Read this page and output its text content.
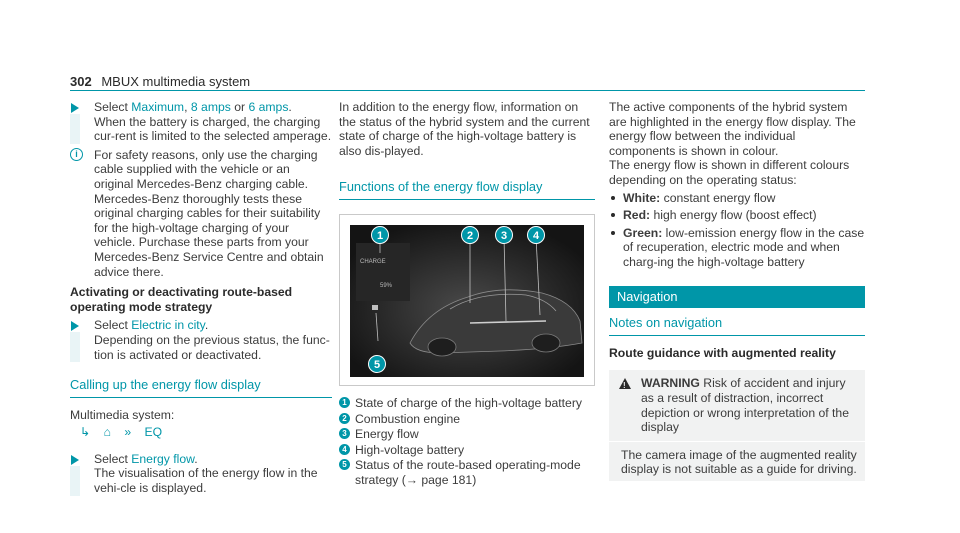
302 MBUX multimedia system
Select Maximum, 8 amps or 6 amps.
When the battery is charged, the charging cur-rent is limited to the selected amperage.
i	For safety reasons, only use the charging cable supplied with the vehicle or an original Mercedes-Benz charging cable. Mercedes-Benz thoroughly tests these original charging cables for their suitability for the high-voltage charging of your vehicle. Purchase these parts from your Mercedes-Benz Service Centre and obtain advice there.
Activating or deactivating route-based operating mode strategy
Select Electric in city.
Depending on the previous status, the func-tion is activated or deactivated.
Calling up the energy flow display
Multimedia system:
↳ ⌂ » EQ
Select Energy flow.
The visualisation of the energy flow in the vehi-cle is displayed.
In addition to the energy flow, information on the status of the hybrid system and the current state of charge of the high-voltage battery is also dis-played.
Functions of the energy flow display
CHARGE
59%
1	2	3	4
5
1 State of charge of the high-voltage battery
2 Combustion engine
3 Energy flow
4 High-voltage battery
5 Status of the route-based operating-mode strategy (→ page 181)
The active components of the hybrid system are highlighted in the energy flow display. The energy flow between the individual components is shown in colour.
The energy flow is shown in different colours depending on the operating status:
White: constant energy flow
Red: high energy flow (boost effect)
Green: low-emission energy flow in the case of recuperation, electric mode and when charg-ing the high-voltage battery
Navigation
Notes on navigation
Route guidance with augmented reality
!
WARNING Risk of accident and injury as a result of distraction, incorrect depiction or wrong interpretation of the display
The camera image of the augmented reality display is not suitable as a guide for driving.
